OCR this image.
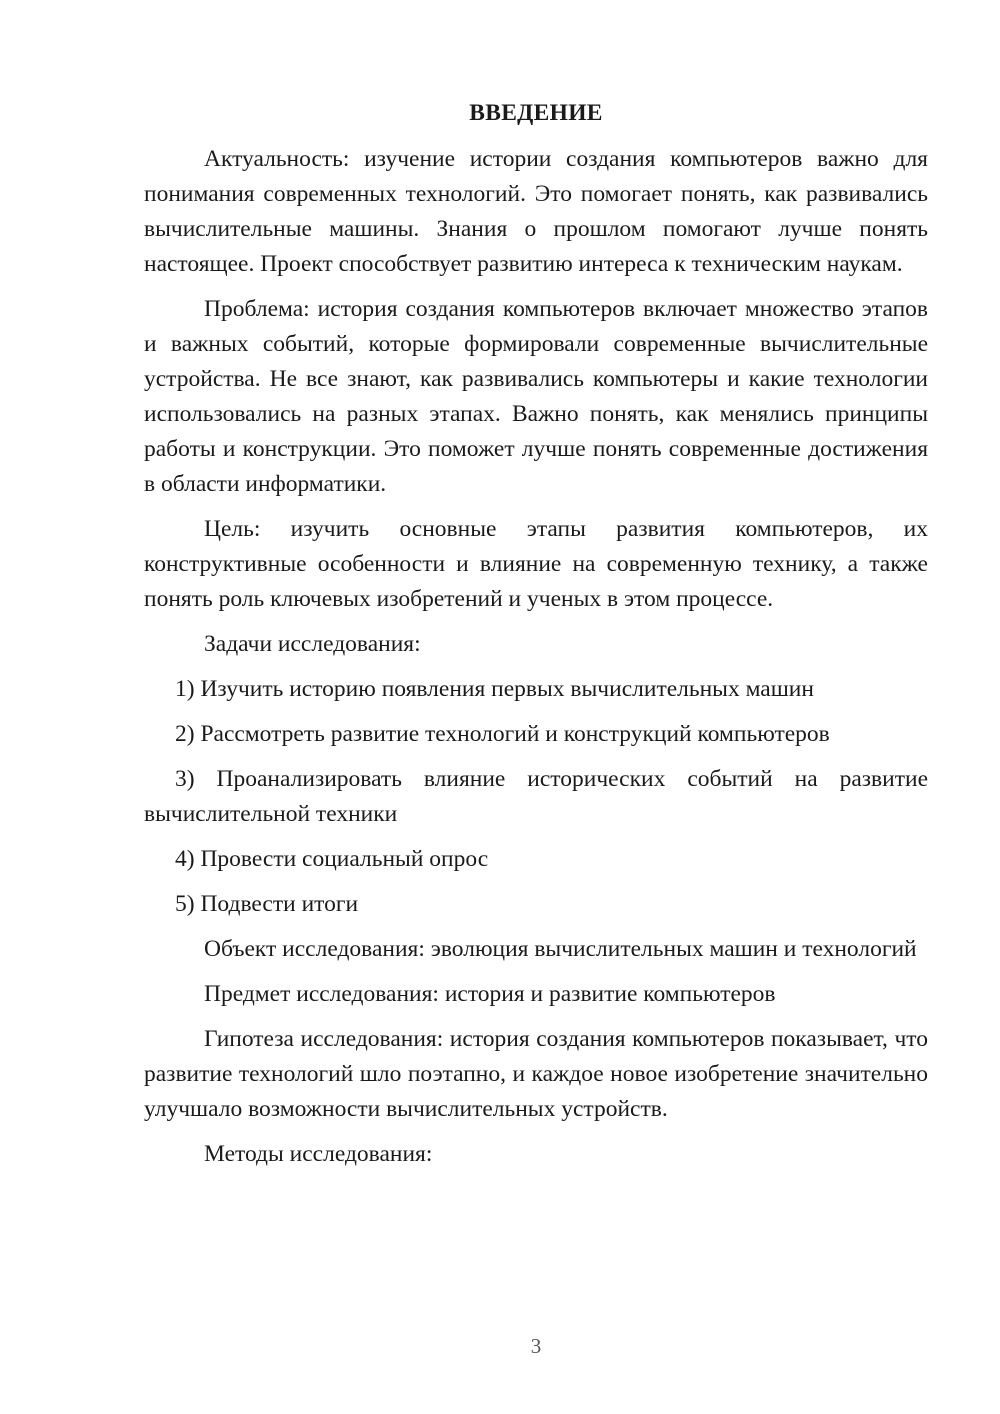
ВВЕДЕНИЕ

Актуальность: изучение истории создания компьютеров важно для понимания современных технологий. Это помогает понять, как развивались вычислительные машины. Знания о прошлом помогают лучше понять настоящее. Проект способствует развитию интереса к техническим наукам.

Проблема: история создания компьютеров включает множество этапов и важных событий, которые формировали современные вычислительные устройства. Не все знают, как развивались компьютеры и какие технологии использовались на разных этапах. Важно понять, как менялись принципы работы и конструкции. Это поможет лучше понять современные достижения в области информатики.

Цель: изучить основные этапы развития компьютеров, их конструктивные особенности и влияние на современную технику, а также понять роль ключевых изобретений и ученых в этом процессе.

Задачи исследования:

1) Изучить историю появления первых вычислительных машин

2) Рассмотреть развитие технологий и конструкций компьютеров

3) Проанализировать влияние исторических событий на развитие вычислительной техники

4) Провести социальный опрос

5) Подвести итоги

Объект исследования: эволюция вычислительных машин и технологий

Предмет исследования: история и развитие компьютеров

Гипотеза исследования: история создания компьютеров показывает, что развитие технологий шло поэтапно, и каждое новое изобретение значительно улучшало возможности вычислительных устройств.

Методы исследования:

3
